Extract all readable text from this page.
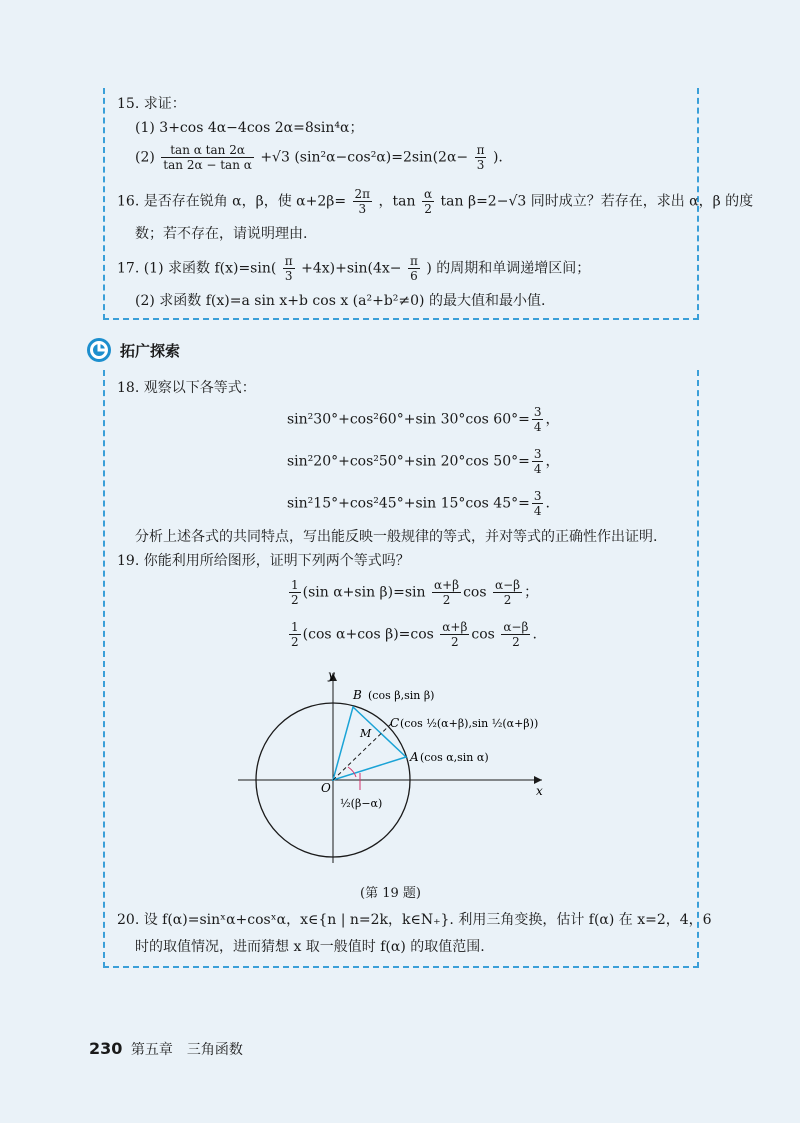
15. 求证：
(1) 3+cos 4α−4cos 2α=8sin⁴α；
$(2) \frac{\text{tan α tan 2α}}{\text{tan 2α − tan α}} +√3$ $(\sin^2\alpha-\cos^2\alpha)=2\sin(2\alpha- \frac{\pi}{3}$ ).
16. 是否存在锐角 α，β，使 $\alpha+2\beta= \frac{2\pi}{3}$ ，$\tan \frac{\alpha}{2}$ tan β=2−√3 同时成立？若存在，求出 α，β 的度
数；若不存在，请说明理由.
17. (1) 求函数 $f(x)=\sin( \frac{\pi}{3} +4x)+\sin(4x- \frac{\pi}{6}$ ) 的周期和单调递增区间；
(2) 求函数 f(x)=a sin x+b cos x (a²+b²≠0) 的最大值和最小值.
拓广探索
18. 观察以下各等式：
sin²30°+cos²60°+sin 30°cos $60^\circ= \frac{3}{4}$ ，
sin²20°+cos²50°+sin 20°cos $50^\circ= \frac{3}{4}$ ，
sin²15°+cos²45°+sin 15°cos $45^\circ= \frac{3}{4}$ .
分析上述各式的共同特点，写出能反映一般规律的等式，并对等式的正确性作出证明.
19. 你能利用所给图形，证明下列两个等式吗？
$\frac{1}{2} (\sin$ α+sin $\beta)=\sin \frac{\alpha+\beta}{2}$ $\cos \frac{\alpha-\beta}{2}$ ；
$\frac{1}{2} (\cos$ α+cos $\beta)=\cos \frac{\alpha+\beta}{2}$ $\cos \frac{\alpha-\beta}{2}$ .
y
x
O
B (cos β,sin β)
C (cos ½(α+β),sin ½(α+β))
M
A (cos α,sin α)
½(β−α)
(第 19 题)
20. 设 f(α)=sinˣα+cosˣα，x∈{n | n=2k，k∈N₊}. 利用三角变换，估计 f(α) 在 x=2，4，6
时的取值情况，进而猜想 x 取一般值时 f(α) 的取值范围.
230 第五章　三角函数
